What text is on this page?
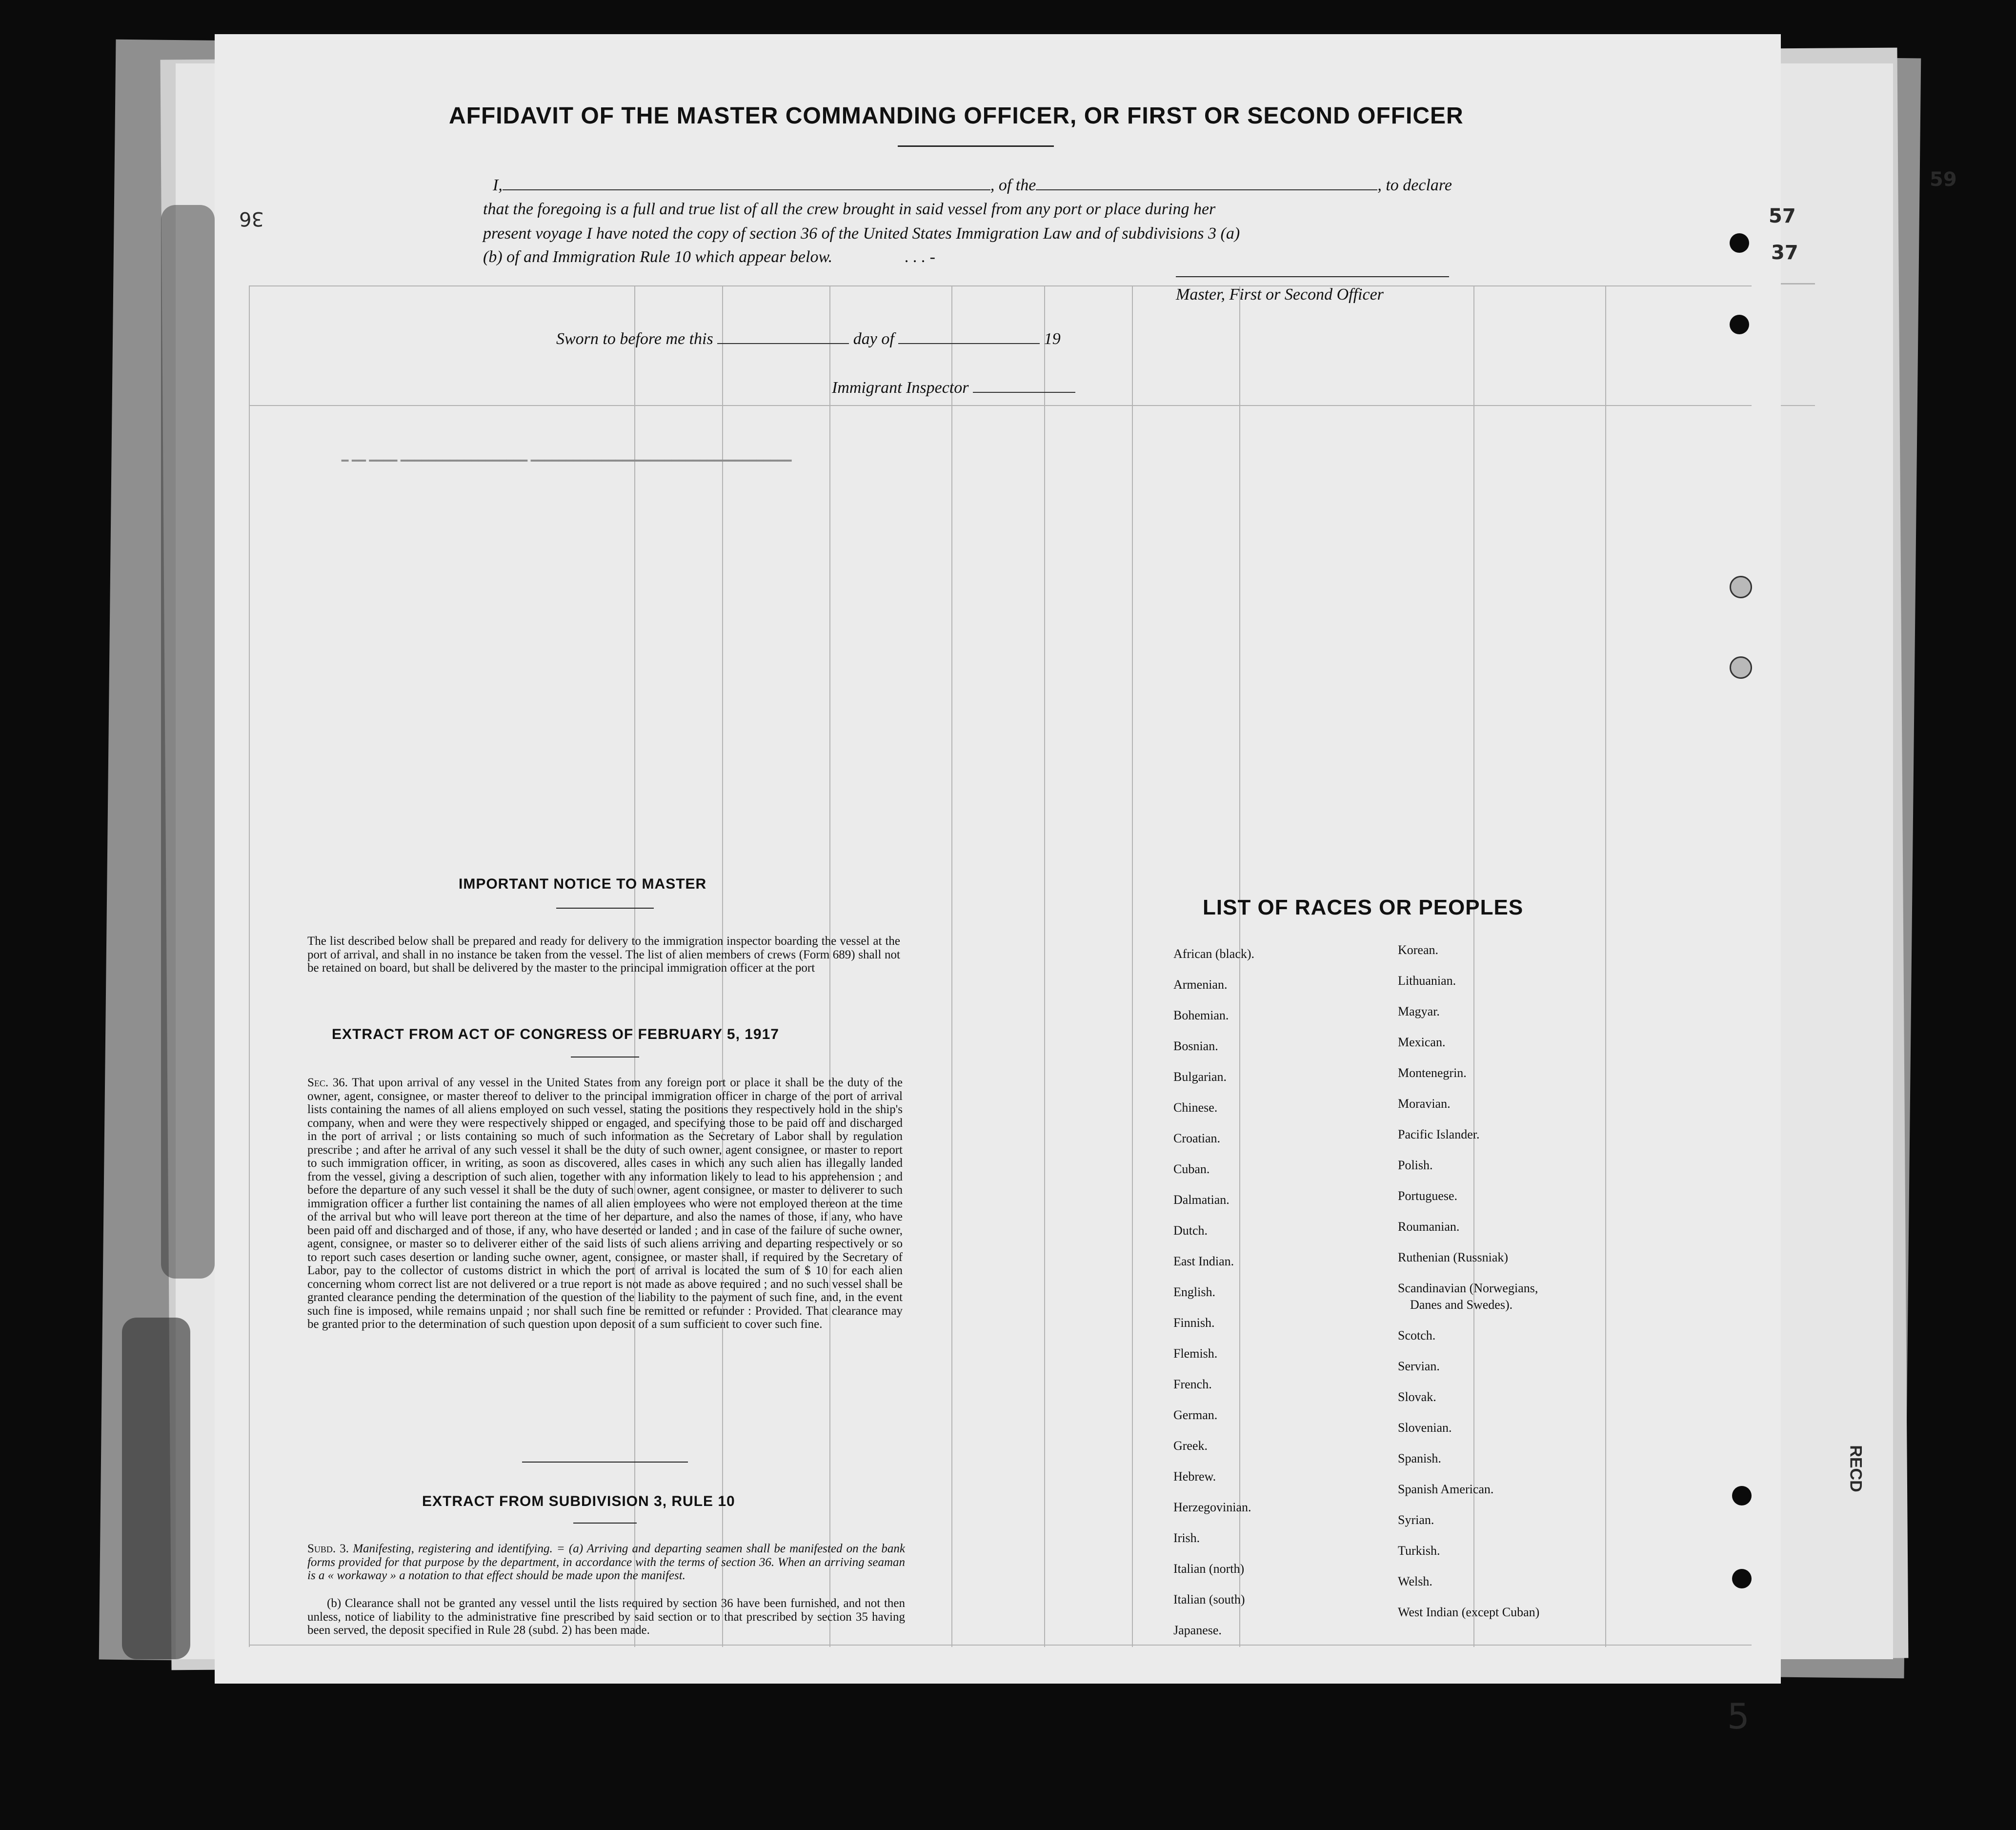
━ ━━ ━━━━ ━━━━━━━━━━━━━━━━━━ ━━━━━━━━━━━━━━━━━━━━━━━━━━━━━━━━━━━━━
AFFIDAVIT OF THE MASTER COMMANDING OFFICER, OR FIRST OR SECOND OFFICER
I,	, of the	, to declare
that the foregoing is a full and true list of all the crew brought in said vessel from any port or place during her
present voyage I have noted the copy of section 36 of the United States Immigration Law and of subdivisions 3 (a)
(b) of and Immigration Rule 10 which appear below.	. . . -
Master, First or Second Officer
Sworn to before me this	day of	19
Immigrant Inspector
IMPORTANT NOTICE TO MASTER
The list described below shall be prepared and ready for delivery to the immigration inspector boarding the vessel at the port of arrival, and shall in no instance be taken from the vessel. The list of alien members of crews (Form 689) shall not be retained on board, but shall be delivered by the master to the principal immigration officer at the port
EXTRACT FROM ACT OF CONGRESS OF FEBRUARY 5, 1917
Sec. 36. That upon arrival of any vessel in the United States from any foreign port or place it shall be the duty of the owner, agent, consignee, or master thereof to deliver to the principal immigration officer in charge of the port of arrival lists containing the names of all aliens employed on such vessel, stating the positions they respectively hold in the ship's company, when and were they were respectively shipped or engaged, and specifying those to be paid off and discharged in the port of arrival ; or lists containing so much of such information as the Secretary of Labor shall by regulation prescribe ; and after he arrival of any such vessel it shall be the duty of such owner, agent consignee, or master to report to such immigration officer, in writing, as soon as discovered, alles cases in which any such alien has illegally landed from the vessel, giving a description of such alien, together with any information likely to lead to his apprehension ; and before the departure of any such vessel it shall be the duty of such owner, agent consignee, or master to deliverer to such immigration officer a further list containing the names of all alien employees who were not employed thereon at the time of the arrival but who will leave port thereon at the time of her departure, and also the names of those, if any, who have been paid off and discharged and of those, if any, who have deserted or landed ; and in case of the failure of suche owner, agent, consignee, or master so to deliverer either of the said lists of such aliens arriving and departing respectively or so to report such cases desertion or landing suche owner, agent, consignee, or master shall, if required by the Secretary of Labor, pay to the collector of customs district in which the port of arrival is located the sum of $ 10 for each alien concerning whom correct list are not delivered or a true report is not made as above required ; and no such vessel shall be granted clearance pending the determination of the question of the liability to the payment of such fine, and, in the event such fine is imposed, while remains unpaid ; nor shall such fine be remitted or refunder : Provided. That clearance may be granted prior to the determination of such question upon deposit of a sum sufficient to cover such fine.
EXTRACT FROM SUBDIVISION 3, RULE 10
Subd. 3. Manifesting, registering and identifying. = (a) Arriving and departing seamen shall be manifested on the bank forms provided for that purpose by the department, in accordance with the terms of section 36. When an arriving seaman is a « workaway » a notation to that effect should be made upon the manifest.
(b) Clearance shall not be granted any vessel until the lists required by section 36 have been furnished, and not then unless, notice of liability to the administrative fine prescribed by said section or to that prescribed by section 35 having been served, the deposit specified in Rule 28 (subd. 2) has been made.
LIST OF RACES OR PEOPLES
African (black).
Armenian.
Bohemian.
Bosnian.
Bulgarian.
Chinese.
Croatian.
Cuban.
Dalmatian.
Dutch.
East Indian.
English.
Finnish.
Flemish.
French.
German.
Greek.
Hebrew.
Herzegovinian.
Irish.
Italian (north)
Italian (south)
Japanese.
Korean.
Lithuanian.
Magyar.
Mexican.
Montenegrin.
Moravian.
Pacific Islander.
Polish.
Portuguese.
Roumanian.
Ruthenian (Russniak)
Scandinavian (Norwegians,
Danes and Swedes).
Scotch.
Servian.
Slovak.
Slovenian.
Spanish.
Spanish American.
Syrian.
Turkish.
Welsh.
West Indian (except Cuban)
36
59
57
37
5
RECD
